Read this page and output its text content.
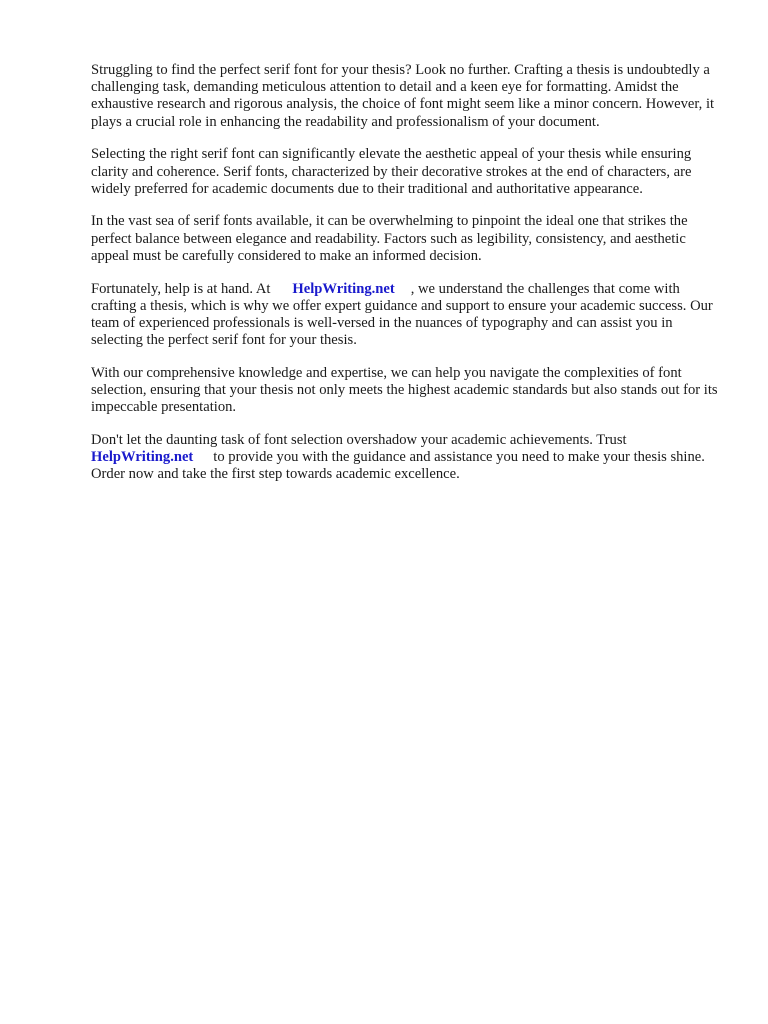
Struggling to find the perfect serif font for your thesis? Look no further. Crafting a thesis is undoubtedly a challenging task, demanding meticulous attention to detail and a keen eye for formatting. Amidst the exhaustive research and rigorous analysis, the choice of font might seem like a minor concern. However, it plays a crucial role in enhancing the readability and professionalism of your document.

Selecting the right serif font can significantly elevate the aesthetic appeal of your thesis while ensuring clarity and coherence. Serif fonts, characterized by their decorative strokes at the end of characters, are widely preferred for academic documents due to their traditional and authoritative appearance.

In the vast sea of serif fonts available, it can be overwhelming to pinpoint the ideal one that strikes the perfect balance between elegance and readability. Factors such as legibility, consistency, and aesthetic appeal must be carefully considered to make an informed decision.

Fortunately, help is at hand. At HelpWriting.net , we understand the challenges that come with crafting a thesis, which is why we offer expert guidance and support to ensure your academic success. Our team of experienced professionals is well-versed in the nuances of typography and can assist you in selecting the perfect serif font for your thesis.

With our comprehensive knowledge and expertise, we can help you navigate the complexities of font selection, ensuring that your thesis not only meets the highest academic standards but also stands out for its impeccable presentation.

Don't let the daunting task of font selection overshadow your academic achievements. Trust
HelpWriting.net to provide you with the guidance and assistance you need to make your thesis shine. Order now and take the first step towards academic excellence.
